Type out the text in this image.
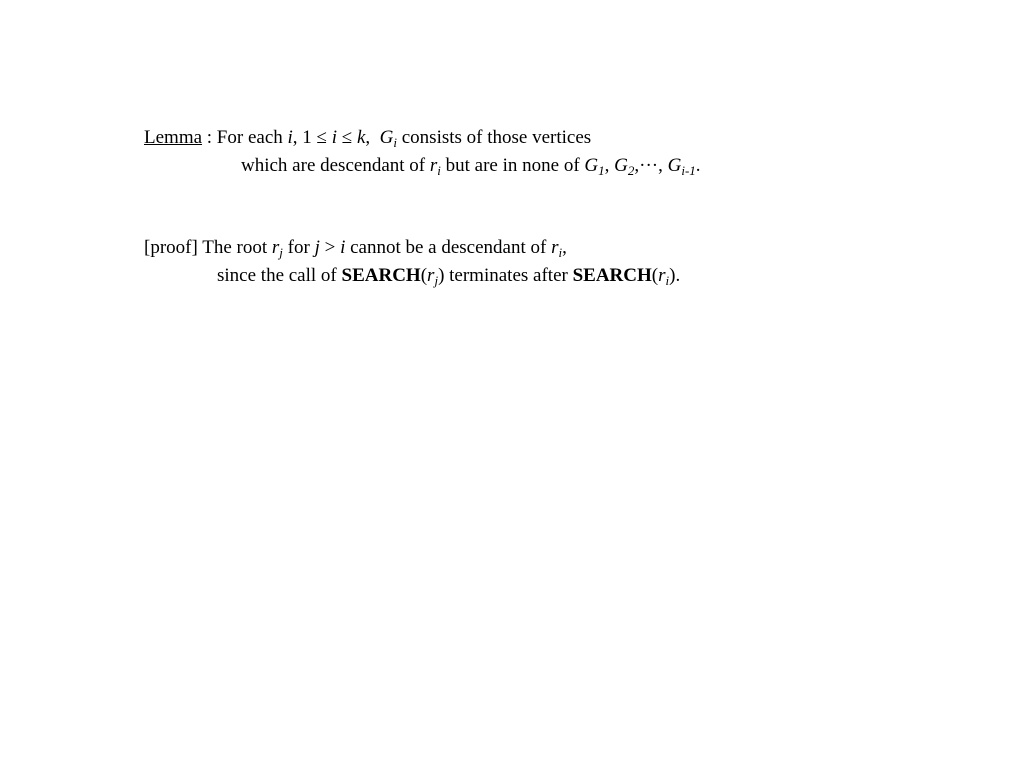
Lemma : For each i, 1 ≤ i ≤ k,  $G_i$ consists of those vertices
which are descendant of $r_i$ but are in none of $G_1$, $G_2,\cdot\cdot\cdot$, $G_{i-1}$.
[proof] The root $r_j$ for j > i cannot be a descendant of $r_i$,
since the call of $SEARCH(r_j)$ terminates after $SEARCH(r_i)$.
